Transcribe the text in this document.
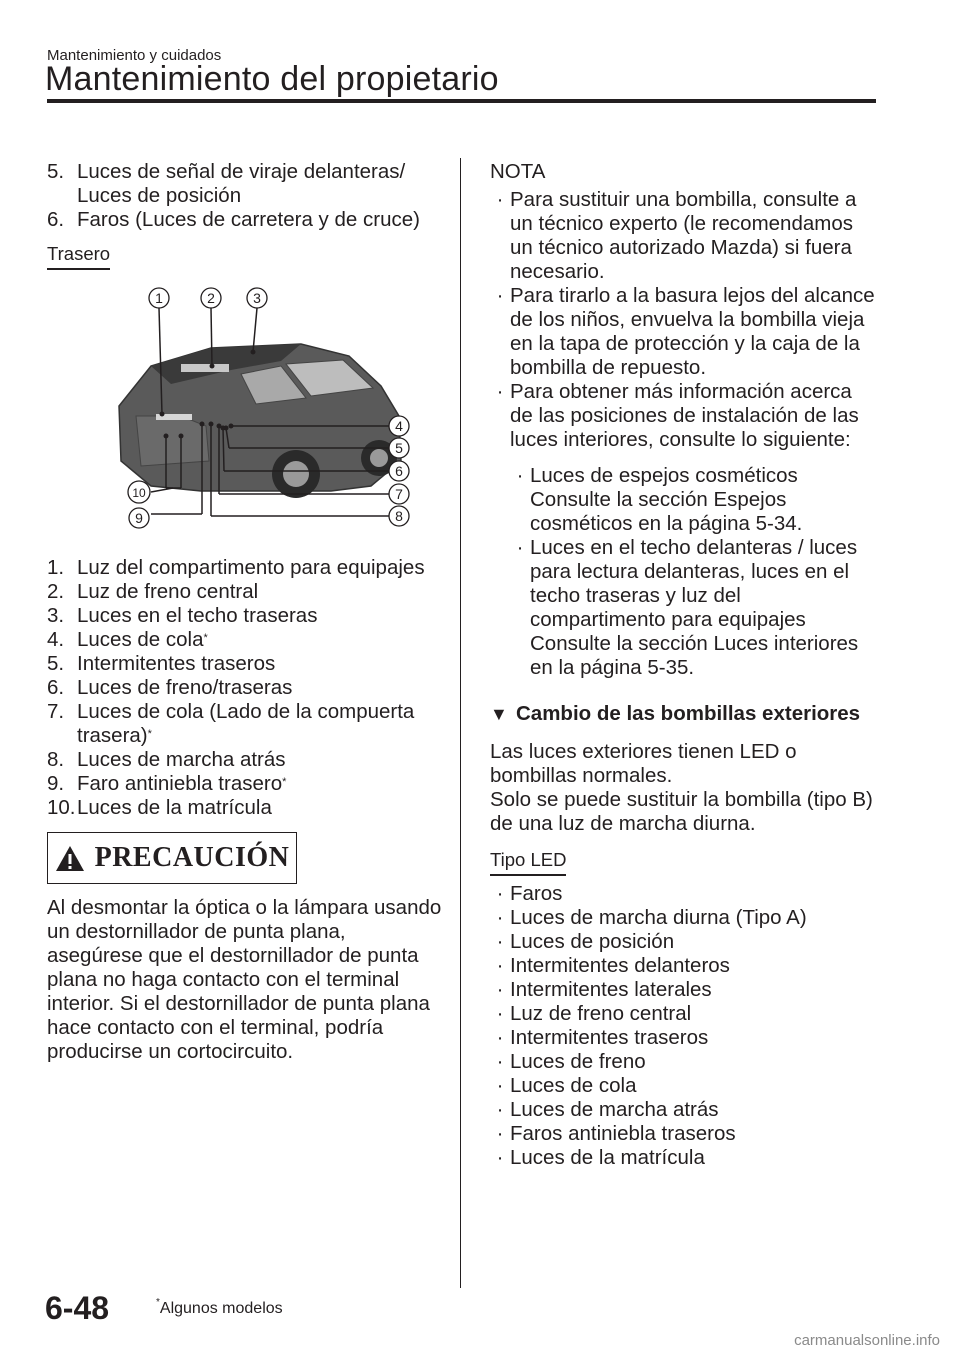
Mantenimiento y cuidados
Mantenimiento del propietario
5. Luces de señal de viraje delanteras/ Luces de posición
6. Faros (Luces de carretera y de cruce)
Trasero
1	2	3
4
5
6
7
8
9
10
1. Luz del compartimento para equipajes
2. Luz de freno central
3. Luces en el techo traseras
4. Luces de cola*
5. Intermitentes traseros
6. Luces de freno/traseras
7. Luces de cola (Lado de la compuerta trasera)*
8. Luces de marcha atrás
9. Faro antiniebla trasero*
10. Luces de la matrícula
PRECAUCIÓN
Al desmontar la óptica o la lámpara usando un destornillador de punta plana, asegúrese que el destornillador de punta plana no haga contacto con el terminal interior. Si el destornillador de punta plana hace contacto con el terminal, podría producirse un cortocircuito.
NOTA
· Para sustituir una bombilla, consulte a un técnico experto (le recomendamos un técnico autorizado Mazda) si fuera necesario.
· Para tirarlo a la basura lejos del alcance de los niños, envuelva la bombilla vieja en la tapa de protección y la caja de la bombilla de repuesto.
· Para obtener más información acerca de las posiciones de instalación de las luces interiores, consulte lo siguiente:
· Luces de espejos cosméticos Consulte la sección Espejos cosméticos en la página 5-34.
· Luces en el techo delanteras / luces para lectura delanteras, luces en el techo traseras y luz del compartimento para equipajes Consulte la sección Luces interiores en la página 5-35.
▼ Cambio de las bombillas exteriores
Las luces exteriores tienen LED o bombillas normales.
Solo se puede sustituir la bombilla (tipo B) de una luz de marcha diurna.
Tipo LED
· Faros
· Luces de marcha diurna (Tipo A)
· Luces de posición
· Intermitentes delanteros
· Intermitentes laterales
· Luz de freno central
· Intermitentes traseros
· Luces de freno
· Luces de cola
· Luces de marcha atrás
· Faros antiniebla traseros
· Luces de la matrícula
6-48	*Algunos modelos
carmanualsonline.info
